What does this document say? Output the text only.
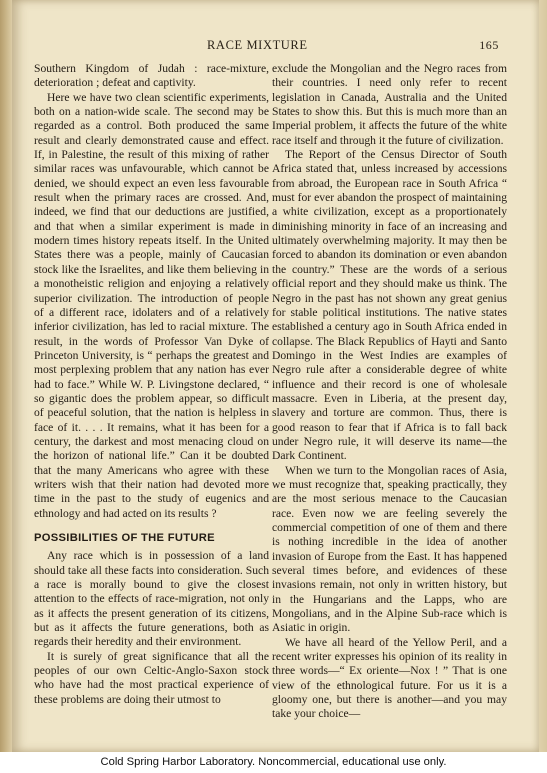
RACE MIXTURE	165

Southern Kingdom of Judah : race-mixture, deterioration ; defeat and captivity.

Here we have two clean scientific experiments, both on a nation-wide scale. The second may be regarded as a control. Both produced the same result and clearly demonstrated cause and effect. If, in Palestine, the result of this mixing of rather similar races was unfavourable, which cannot be denied, we should expect an even less favourable result when the primary races are crossed. And, indeed, we find that our deductions are justified, and that when a similar experiment is made in modern times history repeats itself. In the United States there was a people, mainly of Caucasian stock like the Israelites, and like them believing in a monotheistic religion and enjoying a relatively superior civilization. The introduction of people of a different race, idolaters and of a relatively inferior civilization, has led to racial mixture. The result, in the words of Professor Van Dyke of Princeton University, is “ perhaps the greatest and most perplexing problem that any nation has ever had to face.” While W. P. Livingstone declared, “ so gigantic does the problem appear, so difficult of peaceful solution, that the nation is helpless in face of it. . . . It remains, what it has been for a century, the darkest and most menacing cloud on the horizon of national life.” Can it be doubted that the many Americans who agree with these writers wish that their nation had devoted more time in the past to the study of eugenics and ethnology and had acted on its results ?

POSSIBILITIES OF THE FUTURE

Any race which is in possession of a land should take all these facts into consideration. Such a race is morally bound to give the closest attention to the effects of race-migration, not only as it affects the present generation of its citizens, but as it affects the future generations, both as regards their heredity and their environment.

It is surely of great significance that all the peoples of our own Celtic-Anglo-Saxon stock who have had the most practical experience of these problems are doing their utmost to

exclude the Mongolian and the Negro races from their countries. I need only refer to recent legislation in Canada, Australia and the United States to show this. But this is much more than an Imperial problem, it affects the future of the white race itself and through it the future of civilization.

The Report of the Census Director of South Africa stated that, unless increased by accessions from abroad, the European race in South Africa “ must for ever abandon the prospect of maintaining a white civilization, except as a proportionately diminishing minority in face of an increasing and ultimately overwhelming majority. It may then be forced to abandon its domination or even abandon the country.” These are the words of a serious official report and they should make us think. The Negro in the past has not shown any great genius for stable political institutions. The native states established a century ago in South Africa ended in collapse. The Black Republics of Hayti and Santo Domingo in the West Indies are examples of Negro rule after a considerable degree of white influence and their record is one of wholesale massacre. Even in Liberia, at the present day, slavery and torture are common. Thus, there is good reason to fear that if Africa is to fall back under Negro rule, it will deserve its name—the Dark Continent.

When we turn to the Mongolian races of Asia, we must recognize that, speaking practically, they are the most serious menace to the Caucasian race. Even now we are feeling severely the commercial competition of one of them and there is nothing incredible in the idea of another invasion of Europe from the East. It has happened several times before, and evidences of these invasions remain, not only in written history, but in the Hungarians and the Lapps, who are Mongolians, and in the Alpine Sub-race which is Asiatic in origin.

We have all heard of the Yellow Peril, and a recent writer expresses his opinion of its reality in three words—“ Ex oriente—Nox ! ” That is one view of the ethnological future. For us it is a gloomy one, but there is another—and you may take your choice—

Cold Spring Harbor Laboratory. Noncommercial, educational use only.
